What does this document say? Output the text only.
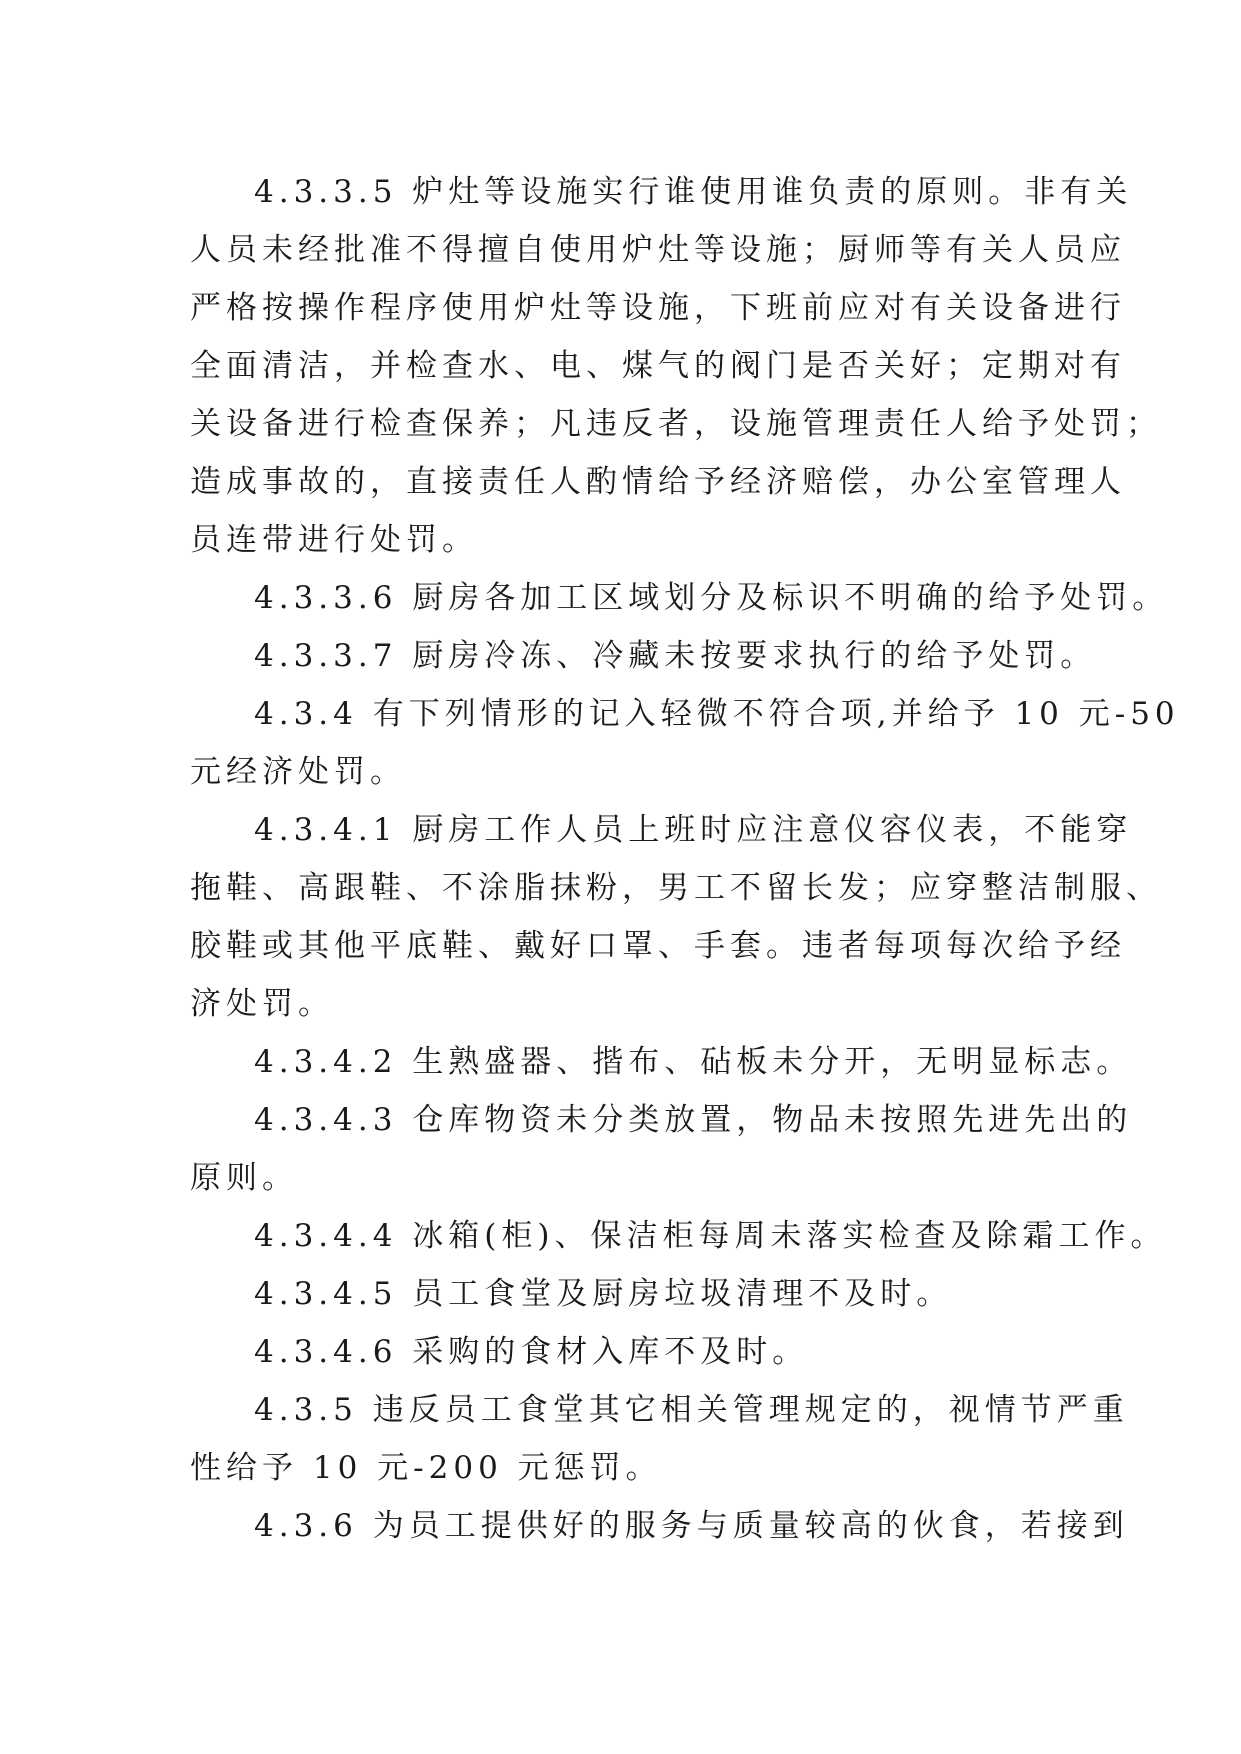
4.3.3.5 炉灶等设施实行谁使用谁负责的原则。非有关
人员未经批准不得擅自使用炉灶等设施；厨师等有关人员应
严格按操作程序使用炉灶等设施，下班前应对有关设备进行
全面清洁，并检查水、电、煤气的阀门是否关好；定期对有
关设备进行检查保养；凡违反者，设施管理责任人给予处罚；
造成事故的，直接责任人酌情给予经济赔偿，办公室管理人
员连带进行处罚。
4.3.3.6 厨房各加工区域划分及标识不明确的给予处罚。
4.3.3.7 厨房冷冻、冷藏未按要求执行的给予处罚。
4.3.4 有下列情形的记入轻微不符合项,并给予 10 元-50
元经济处罚。
4.3.4.1 厨房工作人员上班时应注意仪容仪表，不能穿
拖鞋、高跟鞋、不涂脂抹粉，男工不留长发；应穿整洁制服、
胶鞋或其他平底鞋、戴好口罩、手套。违者每项每次给予经
济处罚。
4.3.4.2 生熟盛器、揩布、砧板未分开，无明显标志。
4.3.4.3 仓库物资未分类放置，物品未按照先进先出的
原则。
4.3.4.4 冰箱(柜)、保洁柜每周未落实检查及除霜工作。
4.3.4.5 员工食堂及厨房垃圾清理不及时。
4.3.4.6 采购的食材入库不及时。
4.3.5 违反员工食堂其它相关管理规定的，视情节严重
性给予 10 元-200 元惩罚。
4.3.6 为员工提供好的服务与质量较高的伙食，若接到
